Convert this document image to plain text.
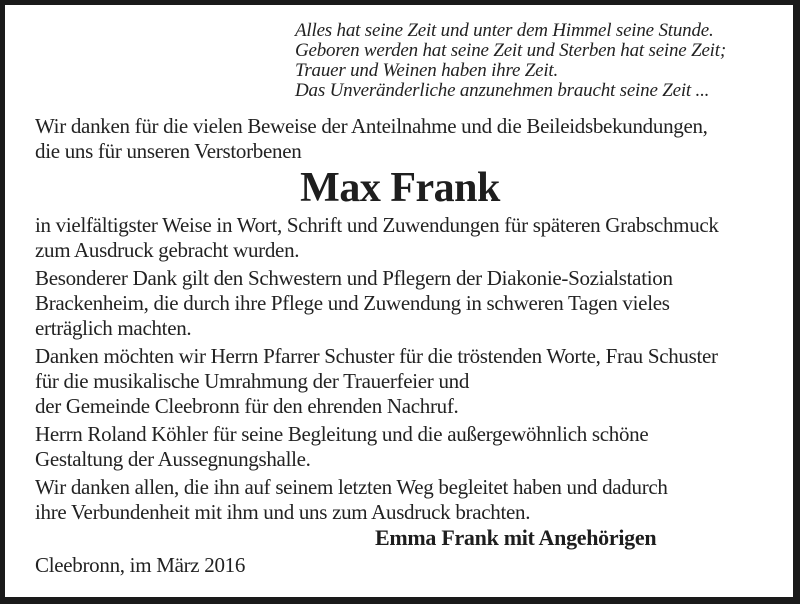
Alles hat seine Zeit und unter dem Himmel seine Stunde.
Geboren werden hat seine Zeit und Sterben hat seine Zeit;
Trauer und Weinen haben ihre Zeit.
Das Unveränderliche anzunehmen braucht seine Zeit ...
Wir danken für die vielen Beweise der Anteilnahme und die Beileidsbekundungen,
die uns für unseren Verstorbenen
Max Frank
in vielfältigster Weise in Wort, Schrift und Zuwendungen für späteren Grabschmuck
zum Ausdruck gebracht wurden.
Besonderer Dank gilt den Schwestern und Pflegern der Diakonie-Sozialstation
Brackenheim, die durch ihre Pflege und Zuwendung in schweren Tagen vieles
erträglich machten.
Danken möchten wir Herrn Pfarrer Schuster für die tröstenden Worte, Frau Schuster
für die musikalische Umrahmung der Trauerfeier und
der Gemeinde Cleebronn für den ehrenden Nachruf.
Herrn Roland Köhler für seine Begleitung und die außergewöhnlich schöne
Gestaltung der Aussegnungshalle.
Wir danken allen, die ihn auf seinem letzten Weg begleitet haben und dadurch
ihre Verbundenheit mit ihm und uns zum Ausdruck brachten.
Emma Frank mit Angehörigen
Cleebronn, im März 2016
